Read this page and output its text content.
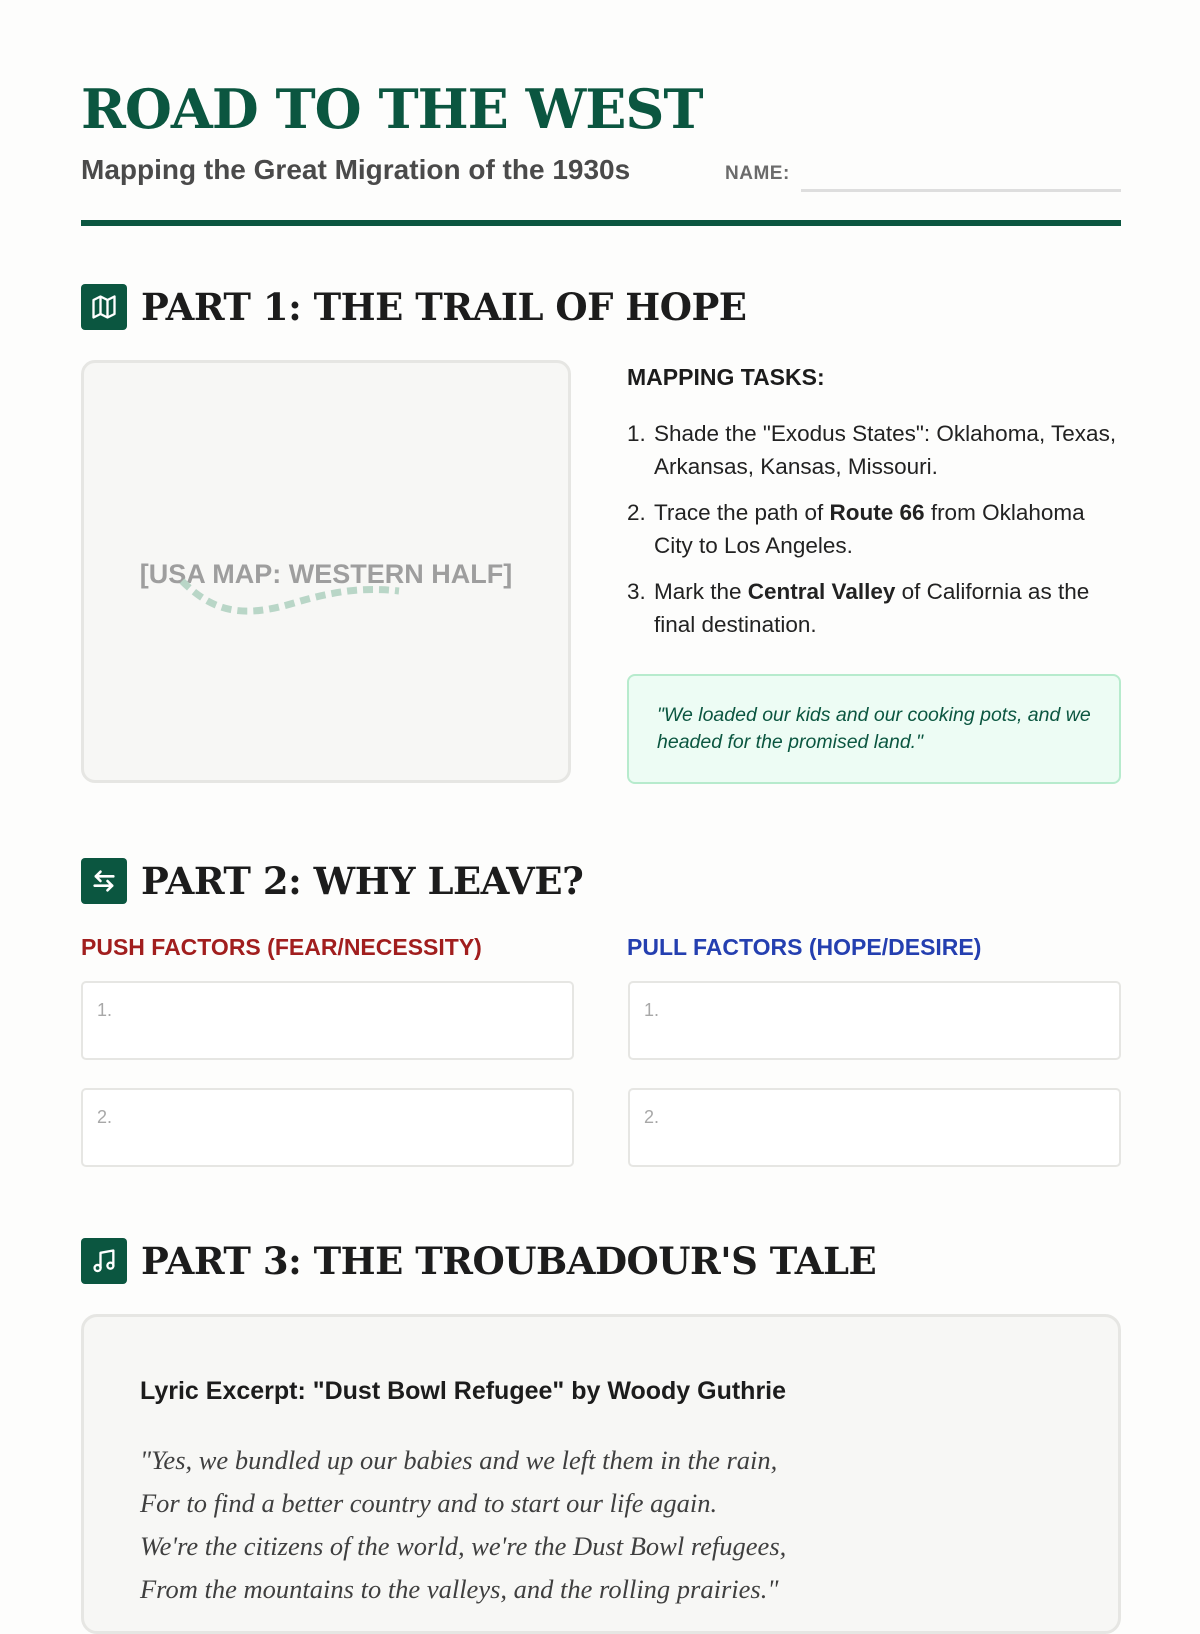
ROAD TO THE WEST
Mapping the Great Migration of the 1930s	NAME:
PART 1: THE TRAIL OF HOPE
[USA MAP: WESTERN HALF]
MAPPING TASKS:
1. Shade the "Exodus States": Oklahoma, Texas, Arkansas, Kansas, Missouri.
2. Trace the path of Route 66 from Oklahoma City to Los Angeles.
3. Mark the Central Valley of California as the final destination.
"We loaded our kids and our cooking pots, and we headed for the promised land."
PART 2: WHY LEAVE?
PUSH FACTORS (FEAR/NECESSITY)	PULL FACTORS (HOPE/DESIRE)
1.	1.
2.	2.
PART 3: THE TROUBADOUR'S TALE
Lyric Excerpt: "Dust Bowl Refugee" by Woody Guthrie
"Yes, we bundled up our babies and we left them in the rain,
For to find a better country and to start our life again.
We're the citizens of the world, we're the Dust Bowl refugees,
From the mountains to the valleys, and the rolling prairies."
